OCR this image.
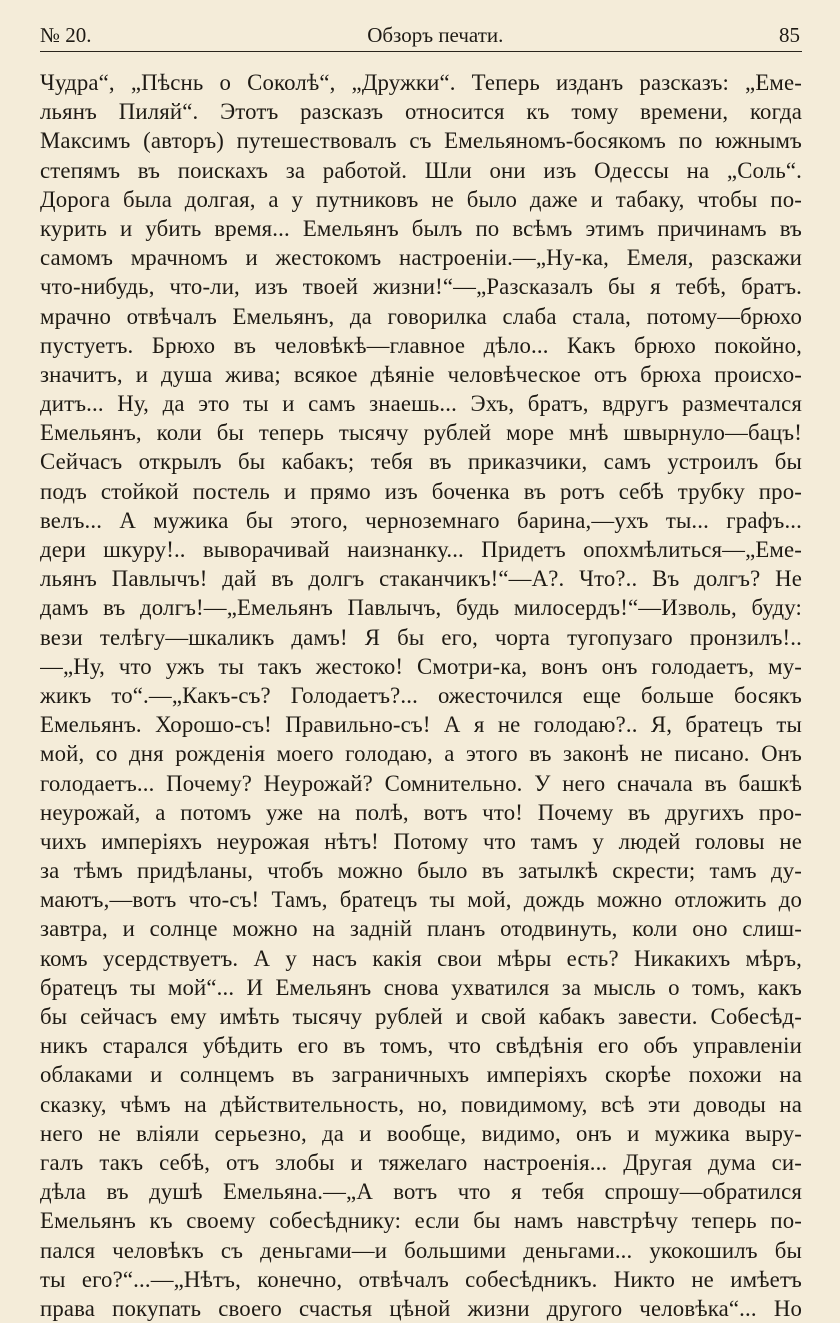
№ 20.	Обзоръ печати.	85
Чудра“, „Пѣснь о Соколѣ“, „Дружки“. Теперь изданъ разсказъ: „Еме-
льянъ Пиляй“. Этотъ разсказъ относится къ тому времени, когда
Максимъ (авторъ) путешествовалъ съ Емельяномъ-босякомъ по южнымъ
степямъ въ поискахъ за работой. Шли они изъ Одессы на „Соль“.
Дорога была долгая, а у путниковъ не было даже и табаку, чтобы по-
курить и убить время... Емельянъ былъ по всѣмъ этимъ причинамъ въ
самомъ мрачномъ и жестокомъ настроеніи.—„Ну-ка, Емеля, разскажи
что-нибудь, что-ли, изъ твоей жизни!“—„Разсказалъ бы я тебѣ, братъ.
мрачно отвѣчалъ Емельянъ, да говорилка слаба стала, потому—брюхо
пустуетъ. Брюхо въ человѣкѣ—главное дѣло... Какъ брюхо покойно,
значитъ, и душа жива; всякое дѣяніе человѣческое отъ брюха происхо-
дитъ... Ну, да это ты и самъ знаешь... Эхъ, братъ, вдругъ размечтался
Емельянъ, коли бы теперь тысячу рублей море мнѣ швырнуло—бацъ!
Сейчасъ открылъ бы кабакъ; тебя въ приказчики, самъ устроилъ бы
подъ стойкой постель и прямо изъ боченка въ ротъ себѣ трубку про-
велъ... А мужика бы этого, черноземнаго барина,—ухъ ты... графъ...
дери шкуру!.. выворачивай наизнанку... Придетъ опохмѣлиться—„Еме-
льянъ Павлычъ! дай въ долгъ стаканчикъ!“—А?. Что?.. Въ долгъ? Не
дамъ въ долгъ!—„Емельянъ Павлычъ, будь милосердъ!“—Изволь, буду:
вези телѣгу—шкаликъ дамъ! Я бы его, чорта тугопузаго пронзилъ!..
—„Ну, что ужъ ты такъ жестоко! Смотри-ка, вонъ онъ голодаетъ, му-
жикъ то“.—„Какъ-съ? Голодаетъ?... ожесточился еще больше босякъ
Емельянъ. Хорошо-съ! Правильно-съ! А я не голодаю?.. Я, братецъ ты
мой, со дня рожденія моего голодаю, а этого въ законѣ не писано. Онъ
голодаетъ... Почему? Неурожай? Сомнительно. У него сначала въ башкѣ
неурожай, а потомъ уже на полѣ, вотъ что! Почему въ другихъ про-
чихъ имперіяхъ неурожая нѣтъ! Потому что тамъ у людей головы не
за тѣмъ придѣланы, чтобъ можно было въ затылкѣ скрести; тамъ ду-
маютъ,—вотъ что-съ! Тамъ, братецъ ты мой, дождь можно отложить до
завтра, и солнце можно на задній планъ отодвинуть, коли оно слиш-
комъ усердствуетъ. А у насъ какія свои мѣры есть? Никакихъ мѣръ,
братецъ ты мой“... И Емельянъ снова ухватился за мысль о томъ, какъ
бы сейчасъ ему имѣть тысячу рублей и свой кабакъ завести. Собесѣд-
никъ старался убѣдить его въ томъ, что свѣдѣнія его объ управленіи
облаками и солнцемъ въ заграничныхъ имперіяхъ скорѣе похожи на
сказку, чѣмъ на дѣйствительность, но, повидимому, всѣ эти доводы на
него не вліяли серьезно, да и вообще, видимо, онъ и мужика выру-
галъ такъ себѣ, отъ злобы и тяжелаго настроенія... Другая дума си-
дѣла въ душѣ Емельяна.—„А вотъ что я тебя спрошу—обратился
Емельянъ къ своему собесѣднику: если бы намъ навстрѣчу теперь по-
пался человѣкъ съ деньгами—и большими деньгами... укокошилъ бы
ты его?“...—„Нѣтъ, конечно, отвѣчалъ собесѣдникъ. Никто не имѣетъ
права покупать своего счастья цѣной жизни другого человѣка“... Но
